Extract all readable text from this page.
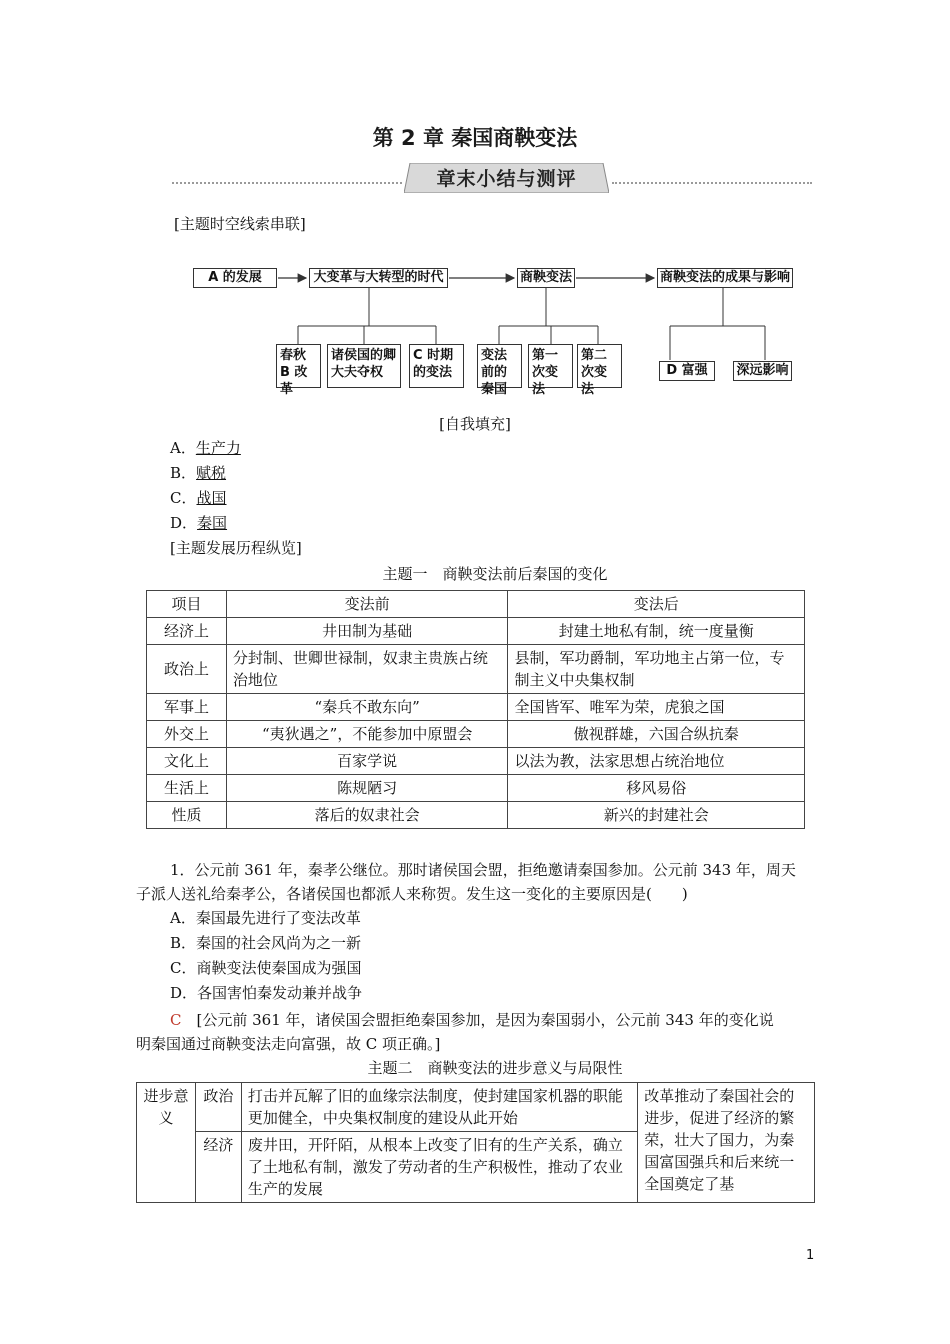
第 2 章 秦国商鞅变法
章末小结与测评
[主题时空线索串联]
A 的发展	大变革与大转型的时代	商鞅变法	商鞅变法的成果与影响
春秋 B 改革
诸侯国的卿大夫夺权
C 时期的变法
变法前的秦国
第一次变法
第二次变法
D 富强	深远影响
[自我填充]
A．生产力
B．赋税
C．战国
D．秦国
[主题发展历程纵览]
主题一　商鞅变法前后秦国的变化
项目	变法前	变法后
经济上	井田制为基础	封建土地私有制，统一度量衡
政治上	分封制、世卿世禄制，奴隶主贵族占统治地位	县制，军功爵制，军功地主占第一位，专制主义中央集权制
军事上	“秦兵不敢东向”	全国皆军、唯军为荣，虎狼之国
外交上	“夷狄遇之”，不能参加中原盟会	傲视群雄，六国合纵抗秦
文化上	百家学说	以法为教，法家思想占统治地位
生活上	陈规陋习	移风易俗
性质	落后的奴隶社会	新兴的封建社会
1．公元前 361 年，秦孝公继位。那时诸侯国会盟，拒绝邀请秦国参加。公元前 343 年，周天
子派人送礼给秦孝公，各诸侯国也都派人来称贺。发生这一变化的主要原因是(　　)
A．秦国最先进行了变法改革
B．秦国的社会风尚为之一新
C．商鞅变法使秦国成为强国
D．各国害怕秦发动兼并战争
C　 [公元前 361 年，诸侯国会盟拒绝秦国参加，是因为秦国弱小，公元前 343 年的变化说
明秦国通过商鞅变法走向富强，故 C 项正确。]
主题二　商鞅变法的进步意义与局限性
进步意义	政治	打击并瓦解了旧的血缘宗法制度，使封建国家机器的职能更加健全，中央集权制度的建设从此开始	改革推动了秦国社会的进步，促进了经济的繁荣，壮大了国力，为秦国富国强兵和后来统一全国奠定了基
	经济	废井田，开阡陌，从根本上改变了旧有的生产关系，确立了土地私有制，激发了劳动者的生产积极性，推动了农业生产的发展	
1
